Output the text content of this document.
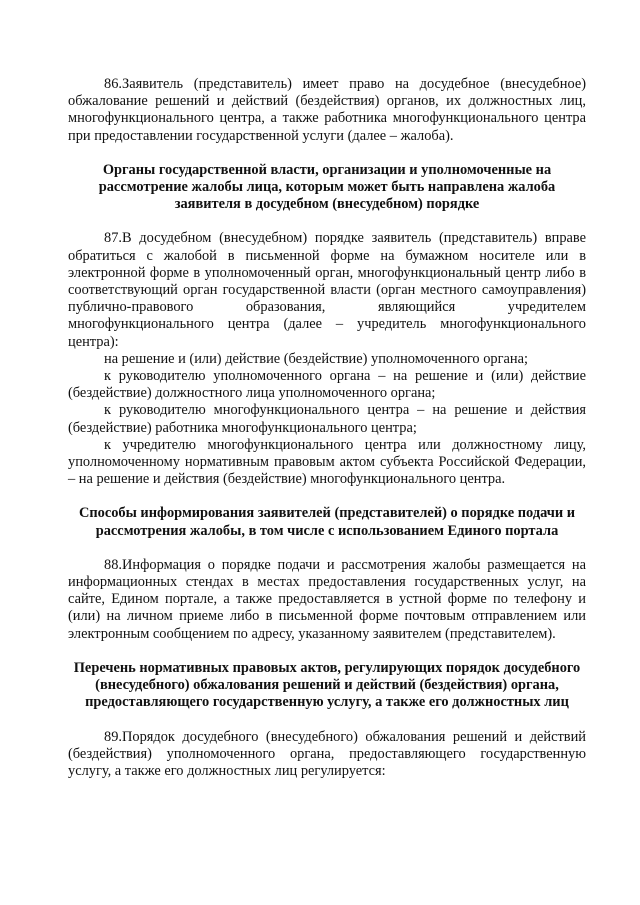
86.Заявитель (представитель) имеет право на досудебное (внесудебное) обжалование решений и действий (бездействия) органов, их должностных лиц, многофункционального центра, а также работника многофункционального центра при предоставлении государственной услуги (далее – жалоба).

Органы государственной власти, организации и уполномоченные на рассмотрение жалобы лица, которым может быть направлена жалоба заявителя в досудебном (внесудебном) порядке

87.В досудебном (внесудебном) порядке заявитель (представитель) вправе обратиться с жалобой в письменной форме на бумажном носителе или в электронной форме в уполномоченный орган, многофункциональный центр либо в соответствующий орган государственной власти (орган местного самоуправления) публично-правового образования, являющийся учредителем многофункционального центра (далее – учредитель многофункционального центра):

на решение и (или) действие (бездействие) уполномоченного органа;

к руководителю уполномоченного органа – на решение и (или) действие (бездействие) должностного лица уполномоченного органа;

к руководителю многофункционального центра – на решение и действия (бездействие) работника многофункционального центра;

к учредителю многофункционального центра или должностному лицу, уполномоченному нормативным правовым актом субъекта Российской Федерации, – на решение и действия (бездействие) многофункционального центра.

Способы информирования заявителей (представителей) о порядке подачи и рассмотрения жалобы, в том числе с использованием Единого портала

88.Информация о порядке подачи и рассмотрения жалобы размещается на информационных стендах в местах предоставления государственных услуг, на сайте, Едином портале, а также предоставляется в устной форме по телефону и (или) на личном приеме либо в письменной форме почтовым отправлением или электронным сообщением по адресу, указанному заявителем (представителем).

Перечень нормативных правовых актов, регулирующих порядок досудебного (внесудебного) обжалования решений и действий (бездействия) органа, предоставляющего государственную услугу, а также его должностных лиц

89.Порядок досудебного (внесудебного) обжалования решений и действий (бездействия) уполномоченного органа, предоставляющего государственную услугу, а также его должностных лиц регулируется:
